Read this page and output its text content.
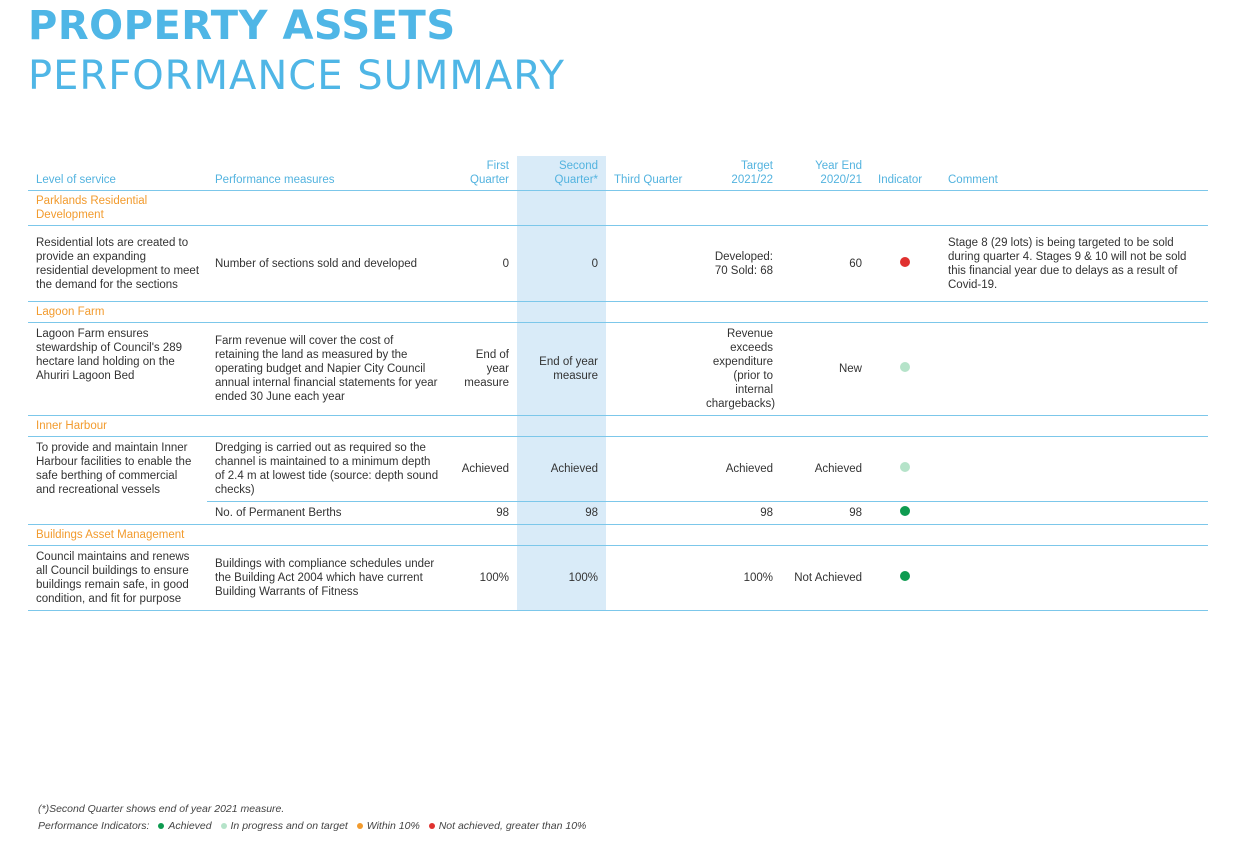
PROPERTY ASSETS
PERFORMANCE SUMMARY
Level of service	Performance measures	First Quarter	Second Quarter*	Third Quarter	Target 2021/22	Year End 2020/21	Indicator	Comment
Parklands Residential Development								
Residential lots are created to provide an expanding residential development to meet the demand for the sections	Number of sections sold and developed	0	0		Developed: 70 Sold: 68	60		Stage 8 (29 lots) is being targeted to be sold during quarter 4. Stages 9 & 10 will not be sold this financial year due to delays as a result of Covid-19.
Lagoon Farm								
Lagoon Farm ensures stewardship of Council's 289 hectare land holding on the Ahuriri Lagoon Bed	Farm revenue will cover the cost of retaining the land as measured by the operating budget and Napier City Council annual internal financial statements for year ended 30 June each year	End of year measure	End of year measure		Revenue exceeds expenditure (prior to internal chargebacks)	New		
Inner Harbour								
To provide and maintain Inner Harbour facilities to enable the safe berthing of commercial and recreational vessels	Dredging is carried out as required so the channel is maintained to a minimum depth of 2.4 m at lowest tide (source: depth sound checks)	Achieved	Achieved		Achieved	Achieved		
	No. of Permanent Berths	98	98		98	98		
Buildings Asset Management								
Council maintains and renews all Council buildings to ensure buildings remain safe, in good condition, and fit for purpose	Buildings with compliance schedules under the Building Act 2004 which have current Building Warrants of Fitness	100%	100%		100%	Not Achieved		
(*)Second Quarter shows end of year 2021 measure.
Performance Indicators: Achieved In progress and on target Within 10% Not achieved, greater than 10%
